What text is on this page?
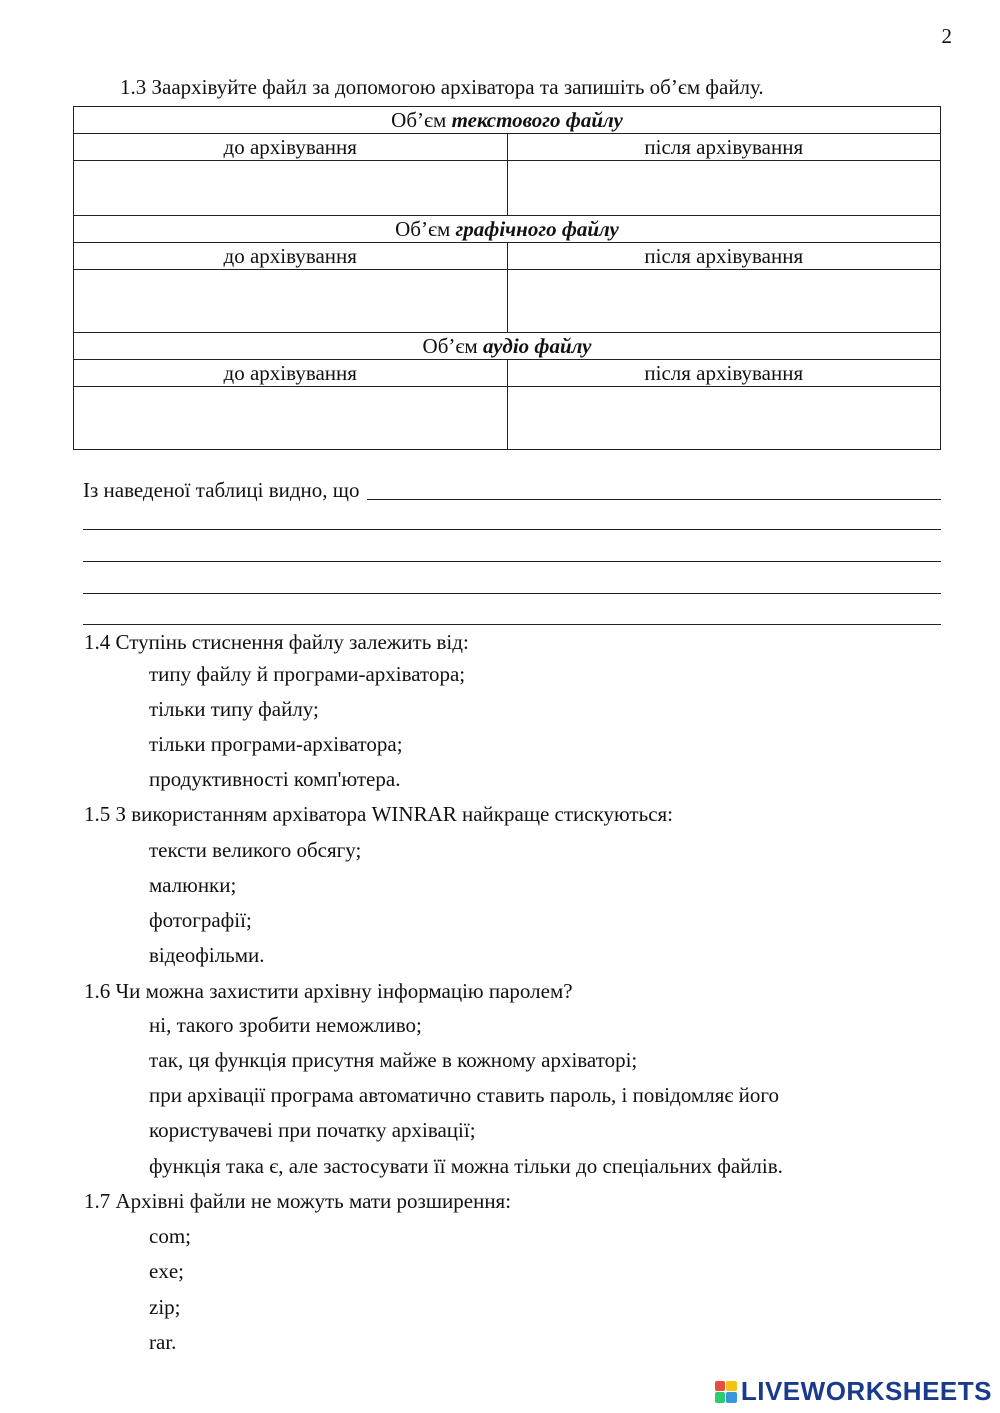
2
1.3 Заархівуйте файл за допомогою архіватора та запишіть об’єм файлу.
Об’єм текстового файлу	
до архівування	після архівування

Об’єм графічного файлу	
до архівування	після архівування

Об’єм аудіо файлу	
до архівування	після архівування

Із наведеної таблиці видно, що
1.4 Ступінь стиснення файлу залежить від:
типу файлу й програми-архіватора;
тільки типу файлу;
тільки програми-архіватора;
продуктивності комп'ютера.
1.5 З використанням архіватора WINRAR найкраще стискуються:
тексти великого обсягу;
малюнки;
фотографії;
відеофільми.
1.6 Чи можна захистити архівну інформацію паролем?
ні, такого зробити неможливо;
так, ця функція присутня майже в кожному архіваторі;
при архівації програма автоматично ставить пароль, і повідомляє його
користувачеві при початку архівації;
функція така є, але застосувати її можна тільки до спеціальних файлів.
1.7 Архівні файли не можуть мати розширення:
com;
exe;
zip;
rar.
LIVEWORKSHEETS
